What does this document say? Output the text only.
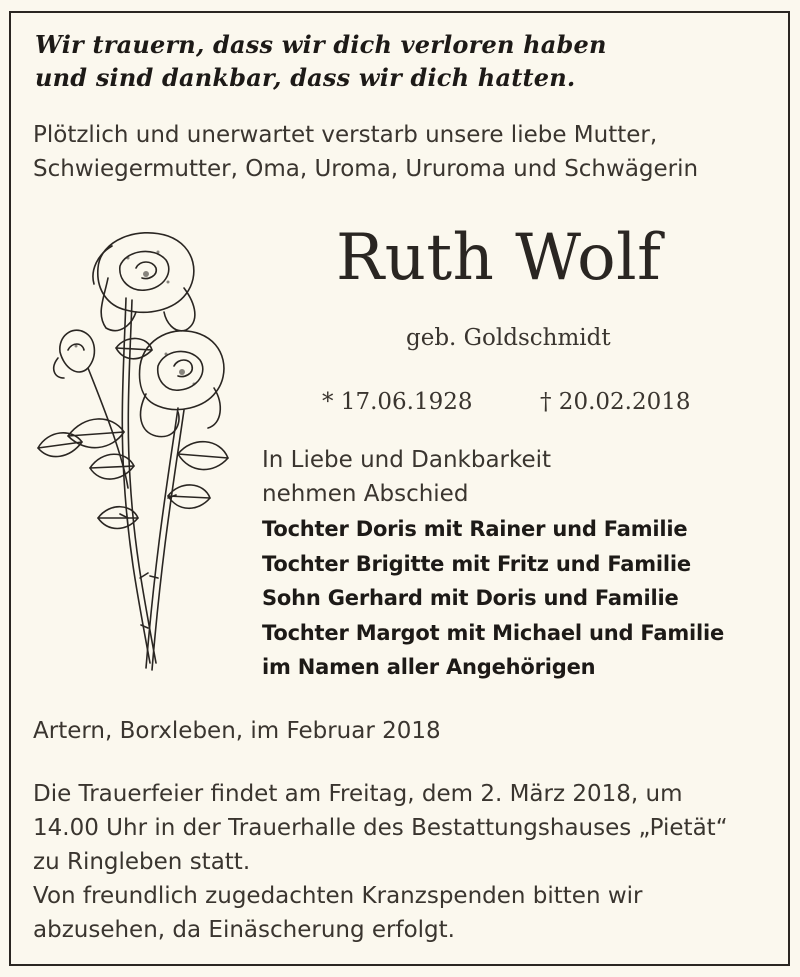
Wir trauern, dass wir dich verloren haben
und sind dankbar, dass wir dich hatten.
Plötzlich und unerwartet verstarb unsere liebe Mutter,
Schwiegermutter, Oma, Uroma, Ururoma und Schwägerin
Ruth Wolf
geb. Goldschmidt
* 17.06.1928	† 20.02.2018
In Liebe und Dankbarkeit
nehmen Abschied
Tochter Doris mit Rainer und Familie
Tochter Brigitte mit Fritz und Familie
Sohn Gerhard mit Doris und Familie
Tochter Margot mit Michael und Familie
im Namen aller Angehörigen
Artern, Borxleben, im Februar 2018
Die Trauerfeier findet am Freitag, dem 2. März 2018, um
14.00 Uhr in der Trauerhalle des Bestattungshauses „Pietät“
zu Ringleben statt.
Von freundlich zugedachten Kranzspenden bitten wir
abzusehen, da Einäscherung erfolgt.
